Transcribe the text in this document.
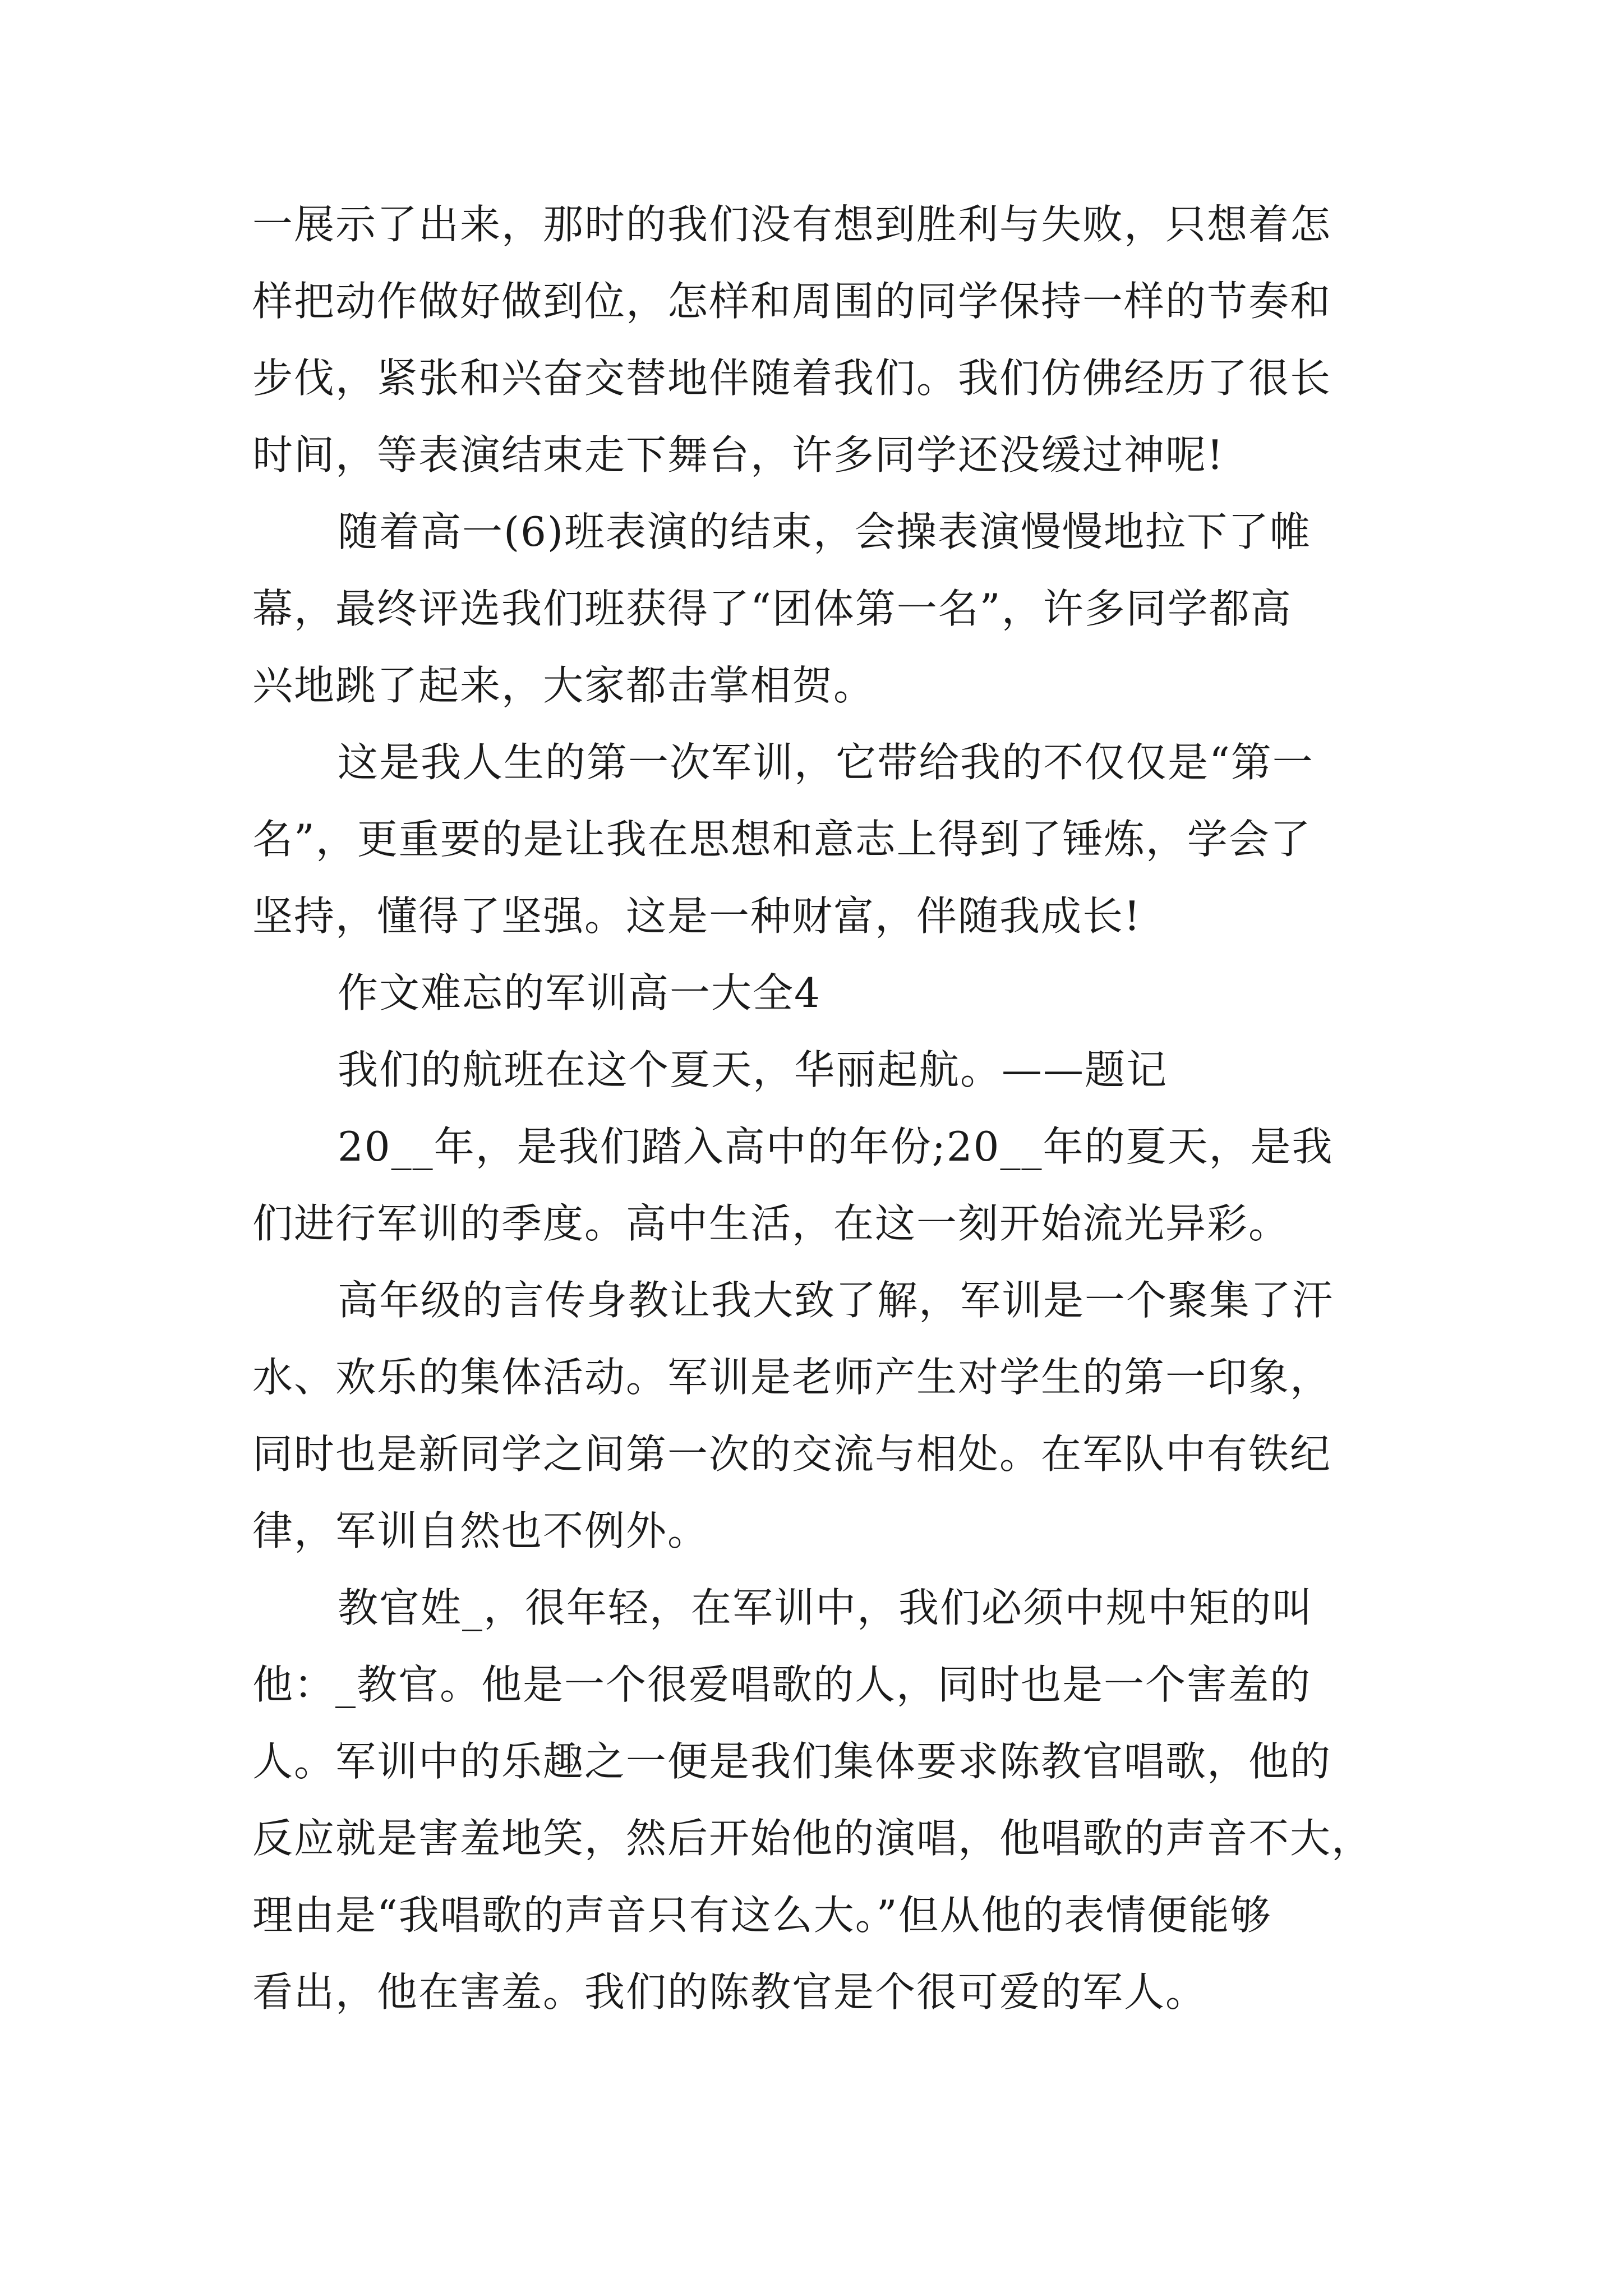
一展示了出来，那时的我们没有想到胜利与失败，只想着怎
样把动作做好做到位，怎样和周围的同学保持一样的节奏和
步伐，紧张和兴奋交替地伴随着我们。我们仿佛经历了很长
时间，等表演结束走下舞台，许多同学还没缓过神呢!
随着高一(6)班表演的结束，会操表演慢慢地拉下了帷
幕，最终评选我们班获得了“团体第一名”，许多同学都高
兴地跳了起来，大家都击掌相贺。
这是我人生的第一次军训，它带给我的不仅仅是“第一
名”，更重要的是让我在思想和意志上得到了锤炼，学会了
坚持，懂得了坚强。这是一种财富，伴随我成长!
作文难忘的军训高一大全4
我们的航班在这个夏天，华丽起航。——题记
20__年，是我们踏入高中的年份;20__年的夏天，是我
们进行军训的季度。高中生活，在这一刻开始流光异彩。
高年级的言传身教让我大致了解，军训是一个聚集了汗
水、欢乐的集体活动。军训是老师产生对学生的第一印象，
同时也是新同学之间第一次的交流与相处。在军队中有铁纪
律，军训自然也不例外。
教官姓_，很年轻，在军训中，我们必须中规中矩的叫
他：_教官。他是一个很爱唱歌的人，同时也是一个害羞的
人。军训中的乐趣之一便是我们集体要求陈教官唱歌，他的
反应就是害羞地笑，然后开始他的演唱，他唱歌的声音不大，
理由是“我唱歌的声音只有这么大。”但从他的表情便能够
看出，他在害羞。我们的陈教官是个很可爱的军人。
